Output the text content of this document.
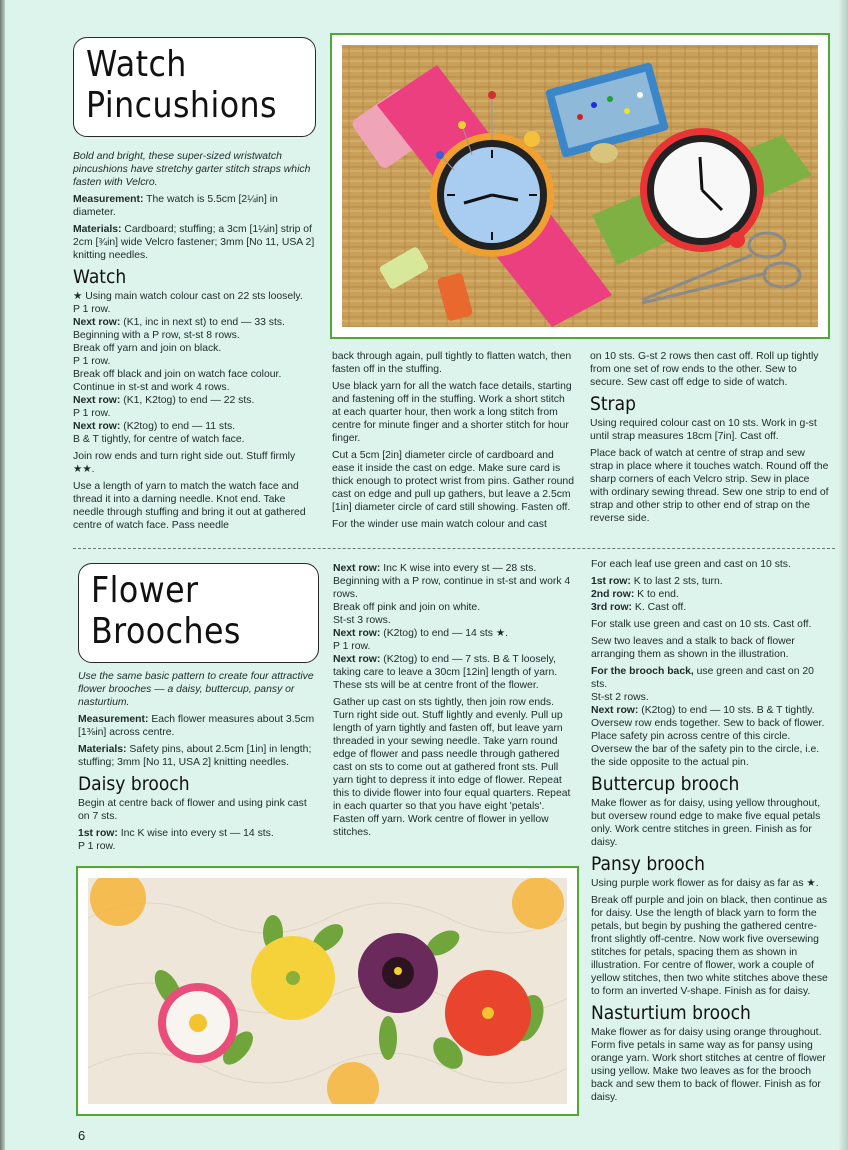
Watch
Pincushions

Bold and bright, these super-sized wristwatch pincushions have stretchy garter stitch straps which fasten with Velcro.

Measurement: The watch is 5.5cm [2¼in] in diameter.

Materials: Cardboard; stuffing; a 3cm [1¼in] strip of 2cm [¾in] wide Velcro fastener; 3mm [No 11, USA 2] knitting needles.

Watch
★ Using main watch colour cast on 22 sts loosely.
P 1 row.
Next row: (K1, inc in next st) to end — 33 sts.
Beginning with a P row, st-st 8 rows.
Break off yarn and join on black.
P 1 row.
Break off black and join on watch face colour.
Continue in st-st and work 4 rows.
Next row: (K1, K2tog) to end — 22 sts.
P 1 row.
Next row: (K2tog) to end — 11 sts.

B & T tightly, for centre of watch face.

Join row ends and turn right side out. Stuff firmly ★★.

Use a length of yarn to match the watch face and thread it into a darning needle. Knot end. Take needle through stuffing and bring it out at gathered centre of watch face. Pass needle

back through again, pull tightly to flatten watch, then fasten off in the stuffing.

Use black yarn for all the watch face details, starting and fastening off in the stuffing. Work a short stitch at each quarter hour, then work a long stitch from centre for minute finger and a shorter stitch for hour finger.

Cut a 5cm [2in] diameter circle of cardboard and ease it inside the cast on edge. Make sure card is thick enough to protect wrist from pins. Gather round cast on edge and pull up gathers, but leave a 2.5cm [1in] diameter circle of card still showing. Fasten off.

For the winder use main watch colour and cast

on 10 sts. G-st 2 rows then cast off. Roll up tightly from one set of row ends to the other. Sew to secure. Sew cast off edge to side of watch.

Strap

Using required colour cast on 10 sts. Work in g-st until strap measures 18cm [7in]. Cast off.

Place back of watch at centre of strap and sew strap in place where it touches watch. Round off the sharp corners of each Velcro strip. Sew in place with ordinary sewing thread. Sew one strip to end of strap and other strip to other end of strap on the reverse side.

Flower
Brooches

Use the same basic pattern to create four attractive flower brooches — a daisy, buttercup, pansy or nasturtium.

Measurement: Each flower measures about 3.5cm [1⅜in] across centre.

Materials: Safety pins, about 2.5cm [1in] in length; stuffing; 3mm [No 11, USA 2] knitting needles.

Daisy brooch

Begin at centre back of flower and using pink cast on 7 sts.

1st row: Inc K wise into every st — 14 sts.
P 1 row.
Next row: Inc K wise into every st — 28 sts.
Beginning with a P row, continue in st-st and work 4 rows.
Break off pink and join on white.
St-st 3 rows.
Next row: (K2tog) to end — 14 sts ★.
P 1 row.

Next row: (K2tog) to end — 7 sts. B & T loosely, taking care to leave a 30cm [12in] length of yarn. These sts will be at centre front of the flower.

Gather up cast on sts tightly, then join row ends. Turn right side out. Stuff lightly and evenly. Pull up length of yarn tightly and fasten off, but leave yarn threaded in your sewing needle. Take yarn round edge of flower and pass needle through gathered cast on sts to come out at gathered front sts. Pull yarn tight to depress it into edge of flower. Repeat this to divide flower into four equal quarters. Repeat in each quarter so that you have eight 'petals'. Fasten off yarn. Work centre of flower in yellow stitches.

For each leaf use green and cast on 10 sts.

1st row: K to last 2 sts, turn.
2nd row: K to end.

3rd row: K. Cast off.

For stalk use green and cast on 10 sts. Cast off.

Sew two leaves and a stalk to back of flower arranging them as shown in the illustration.

For the brooch back, use green and cast on 20 sts.
St-st 2 rows.

Next row: (K2tog) to end — 10 sts. B & T tightly. Oversew row ends together. Sew to back of flower. Place safety pin across centre of this circle. Oversew the bar of the safety pin to the circle, i.e. the side opposite to the actual pin.

Buttercup brooch

Make flower as for daisy, using yellow throughout, but oversew round edge to make five equal petals only. Work centre stitches in green. Finish as for daisy.

Pansy brooch

Using purple work flower as for daisy as far as ★.

Break off purple and join on black, then continue as for daisy. Use the length of black yarn to form the petals, but begin by pushing the gathered centre-front slightly off-centre. Now work five oversewing stitches for petals, spacing them as shown in illustration. For centre of flower, work a couple of yellow stitches, then two white stitches above these to form an inverted V-shape. Finish as for daisy.

Nasturtium brooch

Make flower as for daisy using orange throughout. Form five petals in same way as for pansy using orange yarn. Work short stitches at centre of flower using yellow. Make two leaves as for the brooch back and sew them to back of flower. Finish as for daisy.

6
